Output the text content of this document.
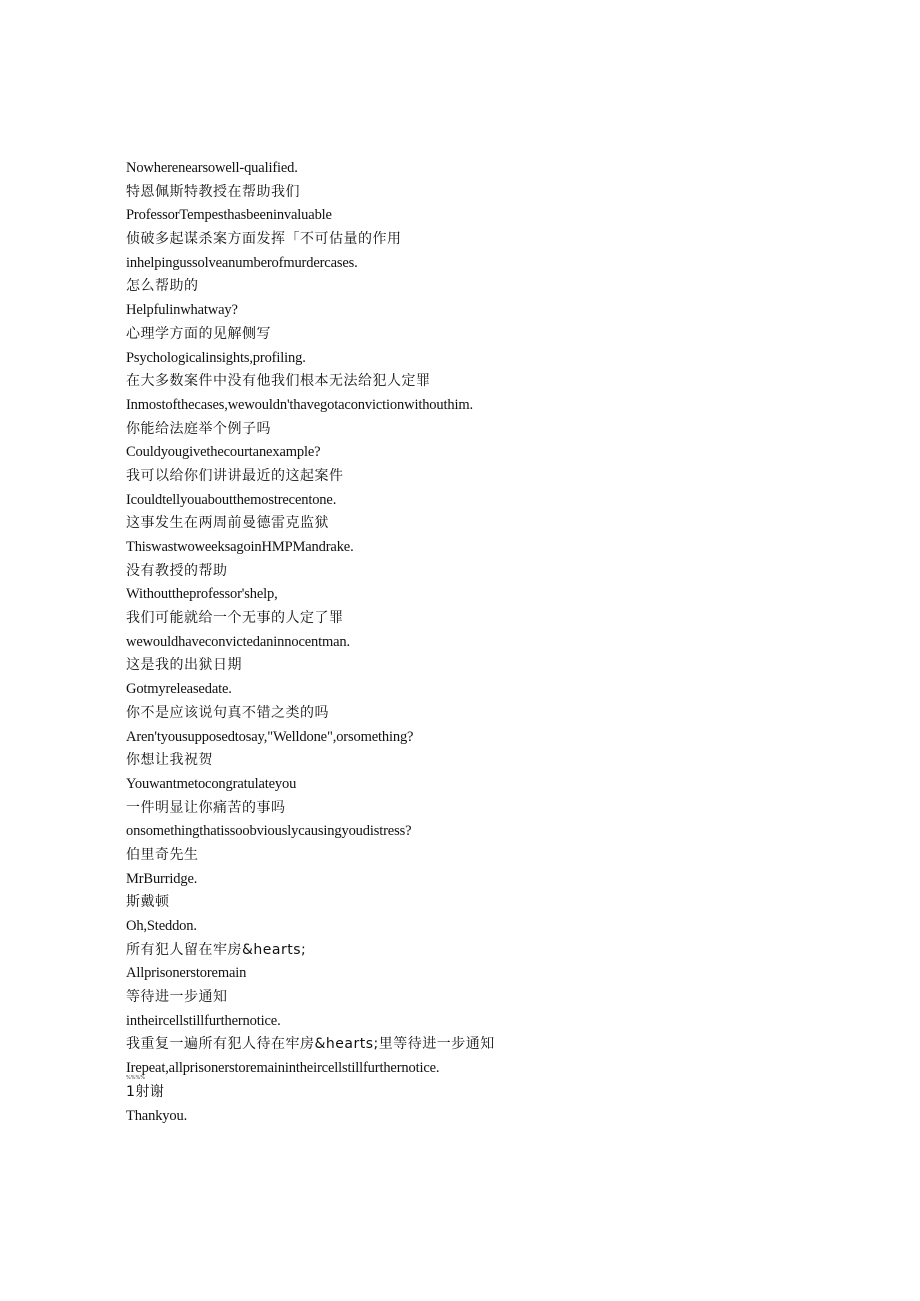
Nowherenearsowell-qualified.
特恩佩斯特教授在帮助我们
ProfessorTempesthasbeeninvaluable
侦破多起谋杀案方面发挥「不可估量的作用
inhelpingussolveanumberofmurdercases.
怎么帮助的
Helpfulinwhatway?
心理学方面的见解侧写
Psychologicalinsights,profiling.
在大多数案件中没有他我们根本无法给犯人定罪
Inmostofthecases,wewouldn'thavegotaconvictionwithouthim.
你能给法庭举个例子吗
Couldyougivethecourtanexample?
我可以给你们讲讲最近的这起案件
Icouldtellyouaboutthemostrecentone.
这事发生在两周前曼德雷克监狱
ThiswastwoweeksagoinHMPMandrake.
没有教授的帮助
Withouttheprofessor'shelp,
我们可能就给一个无事的人定了罪
wewouldhaveconvictedaninnocentman.
这是我的出狱日期
Gotmyreleasedate.
你不是应该说句真不错之类的吗
Aren'tyousupposedtosay,"Welldone",orsomething?
你想让我祝贺
Youwantmetocongratulateyou
一件明显让你痛苦的事吗
onsomethingthatissoobviouslycausingyoudistress?
伯里奇先生
MrBurridge.
斯戴顿
Oh,Steddon.
所有犯人留在牢房&hearts;
Allprisonerstoremain
等待进一步通知
intheircellstillfurthernotice.
我重复一遍所有犯人待在牢房&hearts;里等待进一步通知
Irepeat,allprisonerstoremainintheircellstillfurthernotice.
1射谢
%%%%
Thankyou.
